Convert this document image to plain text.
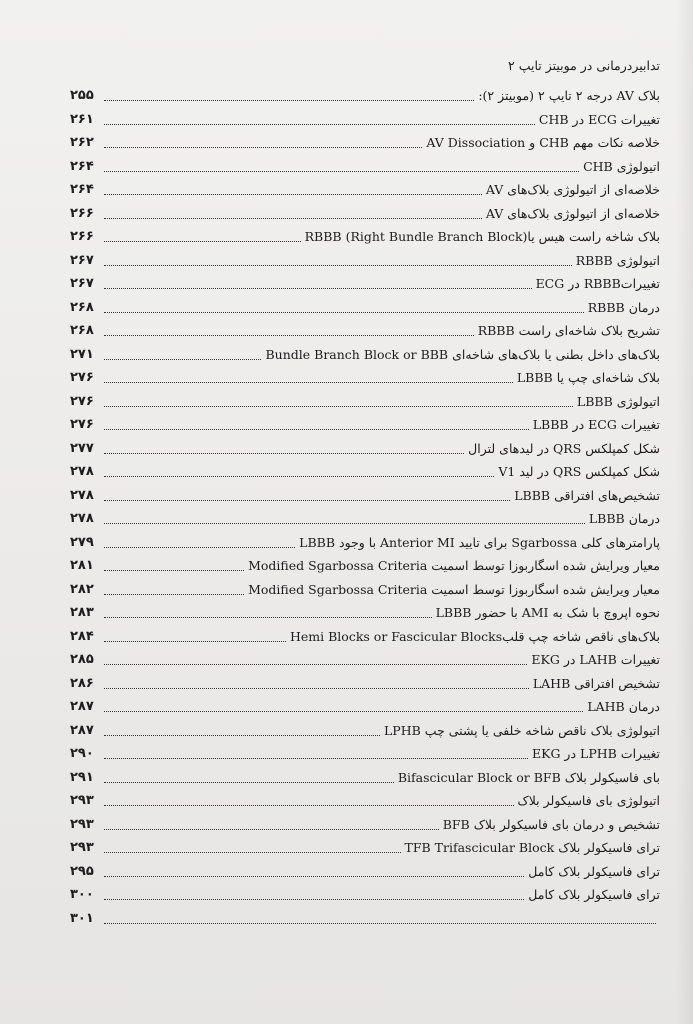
تدابیردرمانی در موبیتز تایپ ۲
۲۵۵	بلاک AV درجه ۲ تایپ ۲ (موبیتز ۲):
۲۶۱	تغییرات ECG در CHB
۲۶۲	خلاصه نکات مهم CHB و AV Dissociation
۲۶۴	اتیولوژی CHB
۲۶۴	خلاصه‌ای از اتیولوژی بلاک‌های AV
۲۶۶	خلاصه‌ای از اتیولوژی بلاک‌های AV
۲۶۶	بلاک شاخه راست هیس یاRBBB (Right Bundle Branch Block)
۲۶۷	اتیولوژی RBBB
۲۶۷	تغییراتRBBB در ECG
۲۶۸	درمان RBBB
۲۶۸	تشریح بلاک شاخه‌ای راست RBBB
۲۷۱	بلاک‌های داخل بطنی یا بلاک‌های شاخه‌ای Bundle Branch Block or BBB
۲۷۶	بلاک شاخه‌ای چپ یا LBBB
۲۷۶	اتیولوژی LBBB
۲۷۶	تغییرات ECG در LBBB
۲۷۷	شکل کمپلکس QRS در لیدهای لترال
۲۷۸	شکل کمپلکس QRS در لید V1
۲۷۸	تشخیص‌های افتراقی LBBB
۲۷۸	درمان LBBB
۲۷۹	پارامترهای کلی Sgarbossa برای تایید Anterior MI با وجود LBBB
۲۸۱	معیار ویرایش شده اسگاربوزا توسط اسمیت Modified Sgarbossa Criteria
۲۸۲	معیار ویرایش شده اسگاربوزا توسط اسمیت Modified Sgarbossa Criteria
۲۸۳	نحوه اپروچ با شک به AMI با حضور LBBB
۲۸۴	بلاک‌های ناقص شاخه چپ قلبHemi Blocks or Fascicular Blocks
۲۸۵	تغییرات LAHB در EKG
۲۸۶	تشخیص افتراقی LAHB
۲۸۷	درمان LAHB
۲۸۷	اتیولوژی بلاک ناقص شاخه خلفی یا پشتی چپ LPHB
۲۹۰	تغییرات LPHB در EKG
۲۹۱	بای فاسیکولر بلاک Bifascicular Block or BFB
۲۹۳	اتیولوژی بای فاسیکولر بلاک
۲۹۳	تشخیص و درمان بای فاسیکولر بلاک BFB
۲۹۳	ترای فاسیکولر بلاک TFB Trifascicular Block
۲۹۵	ترای فاسیکولر بلاک کامل
۳۰۰	ترای فاسیکولر بلاک کامل
۳۰۱
